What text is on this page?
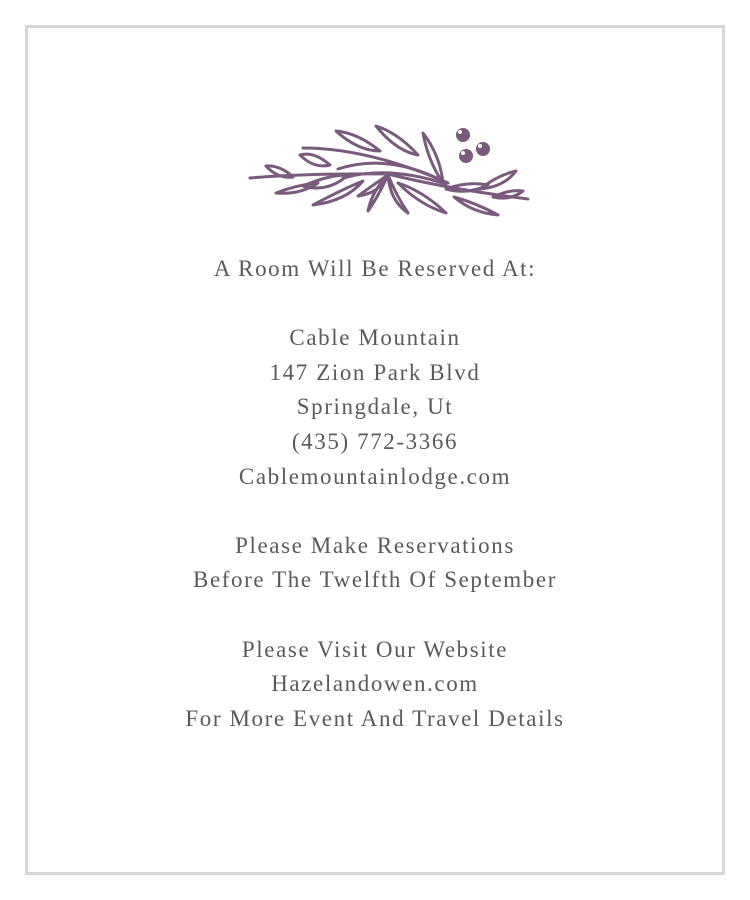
A Room Will Be Reserved At:
Cable Mountain
147 Zion Park Blvd
Springdale, Ut
(435) 772-3366
Cablemountainlodge.com
Please Make Reservations
Before The Twelfth Of September
Please Visit Our Website
Hazelandowen.com
For More Event And Travel Details
